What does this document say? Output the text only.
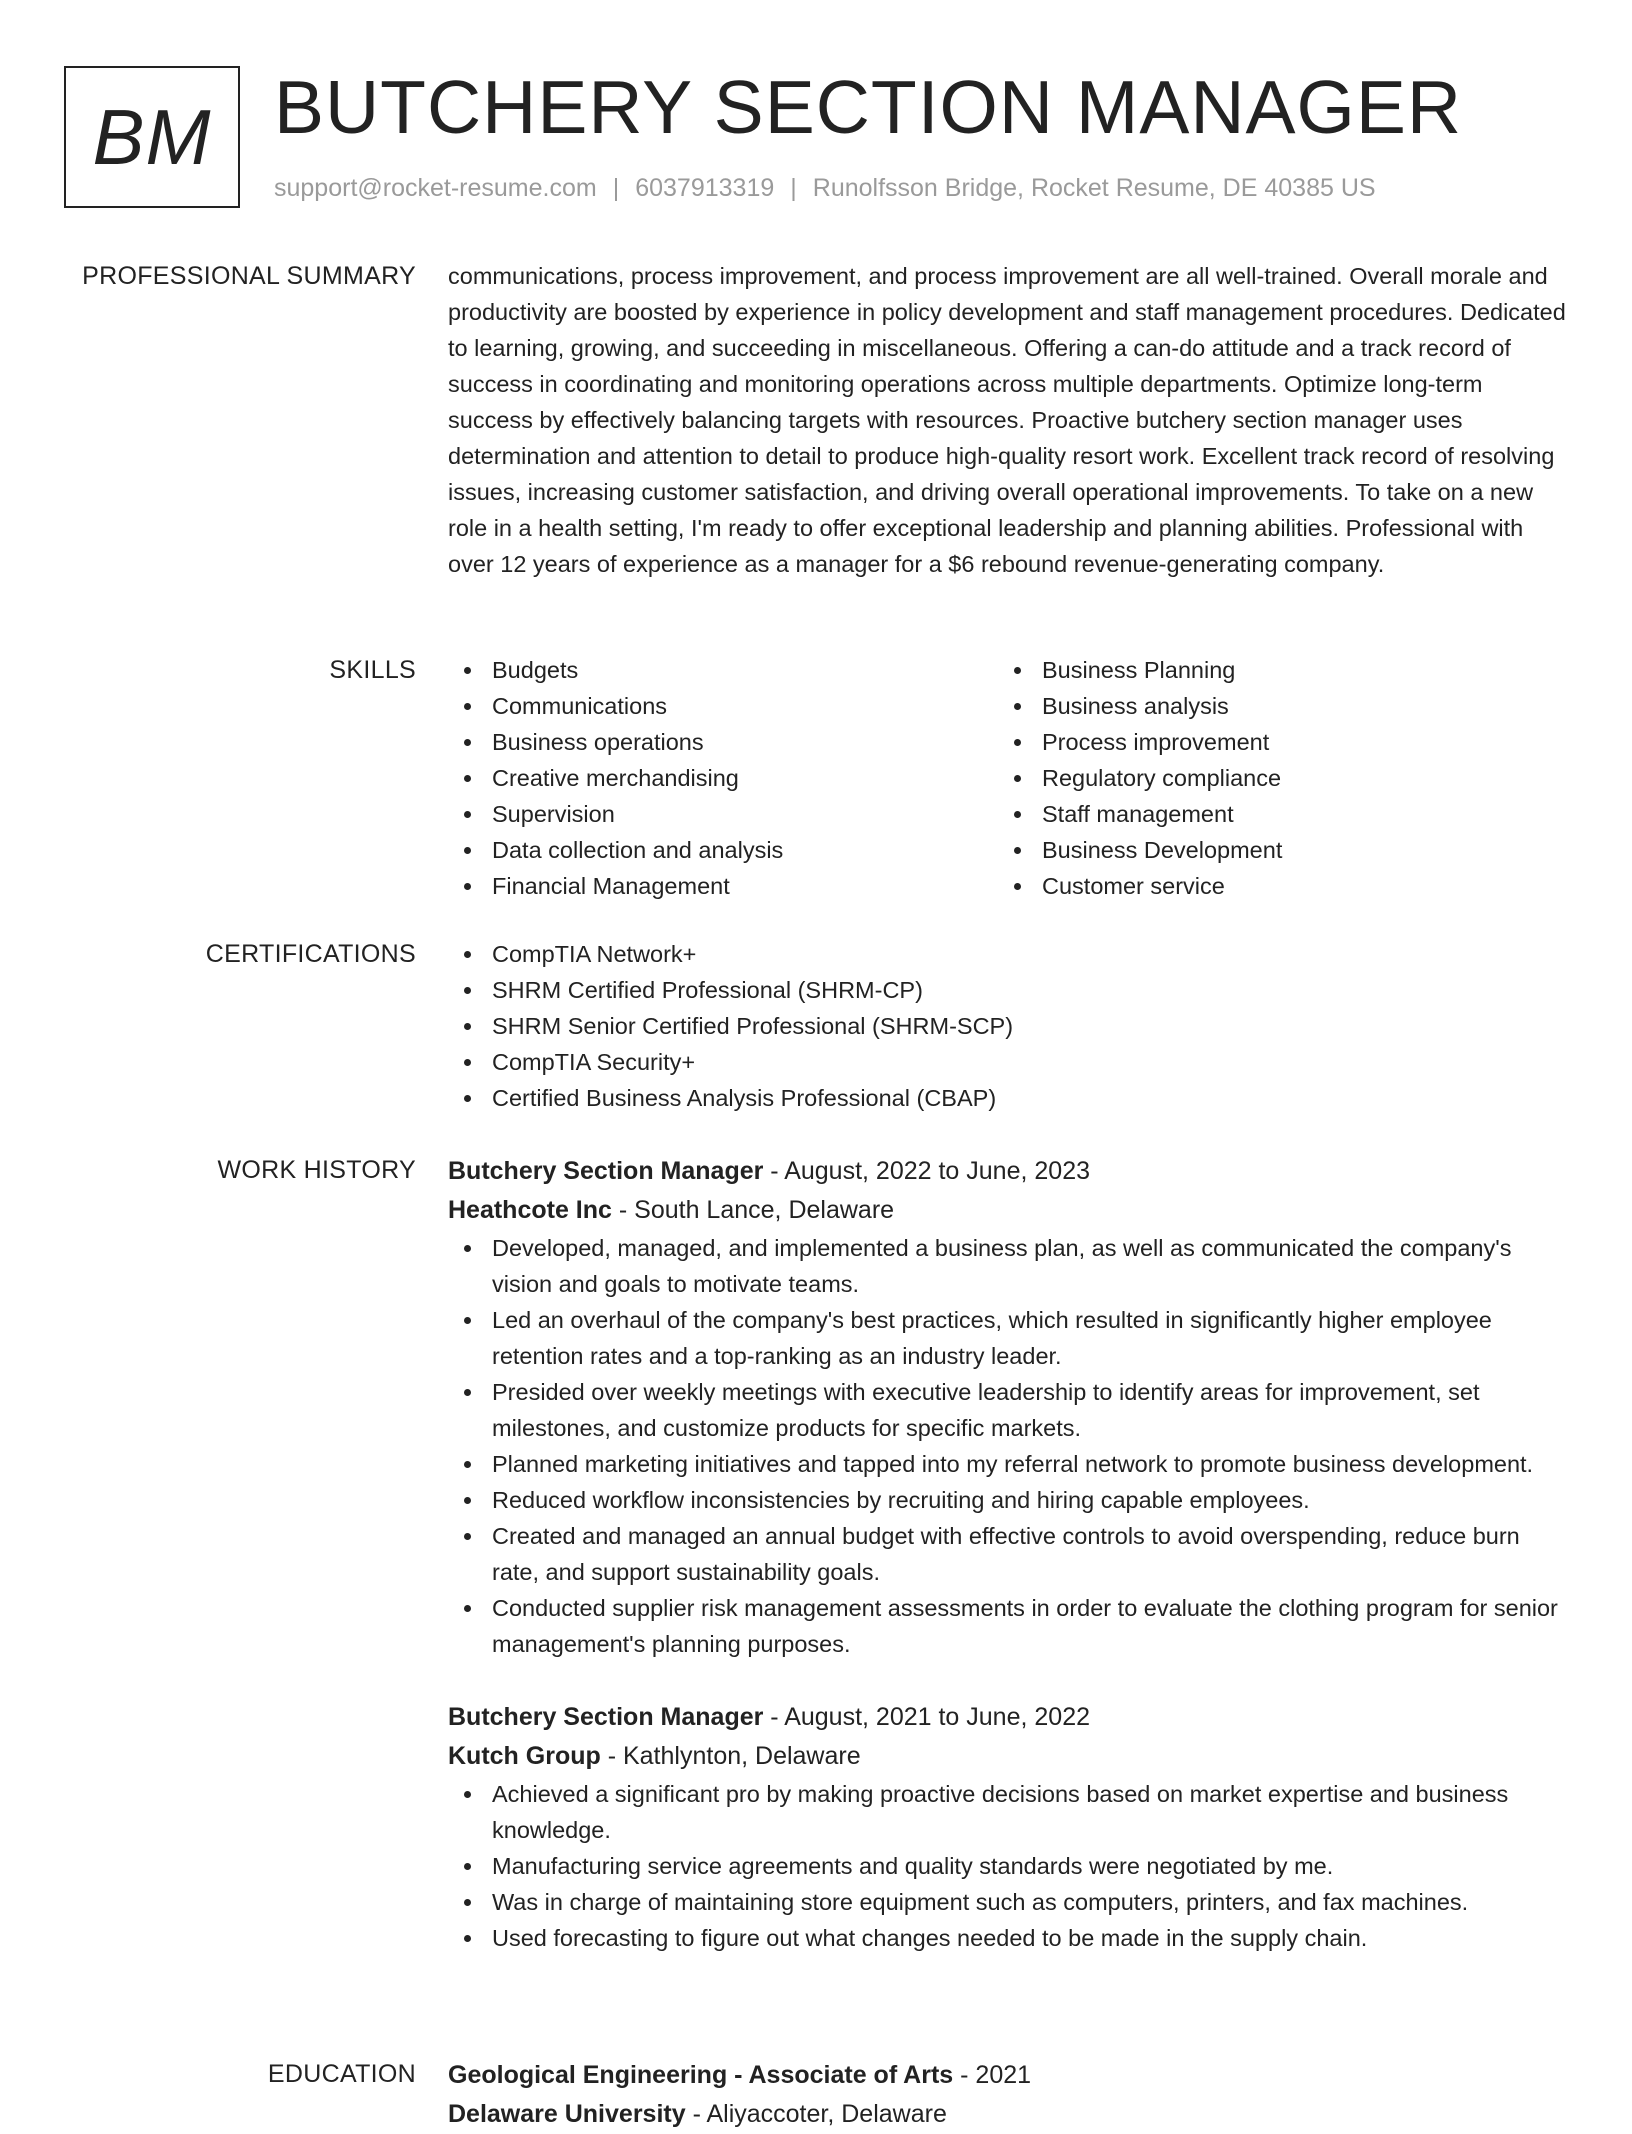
BM BUTCHERY SECTION MANAGER
support@rocket-resume.com | 6037913319 | Runolfsson Bridge, Rocket Resume, DE 40385 US
PROFESSIONAL SUMMARY communications, process improvement, and process improvement are all well-trained. Overall morale and productivity are boosted by experience in policy development and staff management procedures. Dedicated to learning, growing, and succeeding in miscellaneous. Offering a can-do attitude and a track record of success in coordinating and monitoring operations across multiple departments. Optimize long-term success by effectively balancing targets with resources. Proactive butchery section manager uses determination and attention to detail to produce high-quality resort work. Excellent track record of resolving issues, increasing customer satisfaction, and driving overall operational improvements. To take on a new role in a health setting, I'm ready to offer exceptional leadership and planning abilities. Professional with over 12 years of experience as a manager for a $6 rebound revenue-generating company.

SKILLS	Budgets
Communications
Business operations
Creative merchandising
Supervision
Data collection and analysis
Financial Management
Business Planning
Business analysis
Process improvement
Regulatory compliance
Staff management
Business Development
Customer service
CERTIFICATIONS	CompTIA Network+
SHRM Certified Professional (SHRM-CP)
SHRM Senior Certified Professional (SHRM-SCP)
CompTIA Security+
Certified Business Analysis Professional (CBAP)
WORK HISTORY Butchery Section Manager - August, 2022 to June, 2023
Heathcote Inc - South Lance, Delaware
Developed, managed, and implemented a business plan, as well as communicated the company's vision and goals to motivate teams.
Led an overhaul of the company's best practices, which resulted in significantly higher employee retention rates and a top-ranking as an industry leader.
Presided over weekly meetings with executive leadership to identify areas for improvement, set milestones, and customize products for specific markets.
Planned marketing initiatives and tapped into my referral network to promote business development.
Reduced workflow inconsistencies by recruiting and hiring capable employees.
Created and managed an annual budget with effective controls to avoid overspending, reduce burn rate, and support sustainability goals.
Conducted supplier risk management assessments in order to evaluate the clothing program for senior management's planning purposes.
Butchery Section Manager - August, 2021 to June, 2022
Kutch Group - Kathlynton, Delaware
Achieved a significant pro by making proactive decisions based on market expertise and business knowledge.
Manufacturing service agreements and quality standards were negotiated by me.
Was in charge of maintaining store equipment such as computers, printers, and fax machines.
Used forecasting to figure out what changes needed to be made in the supply chain.
EDUCATION Geological Engineering - Associate of Arts - 2021
Delaware University - Aliyaccoter, Delaware
